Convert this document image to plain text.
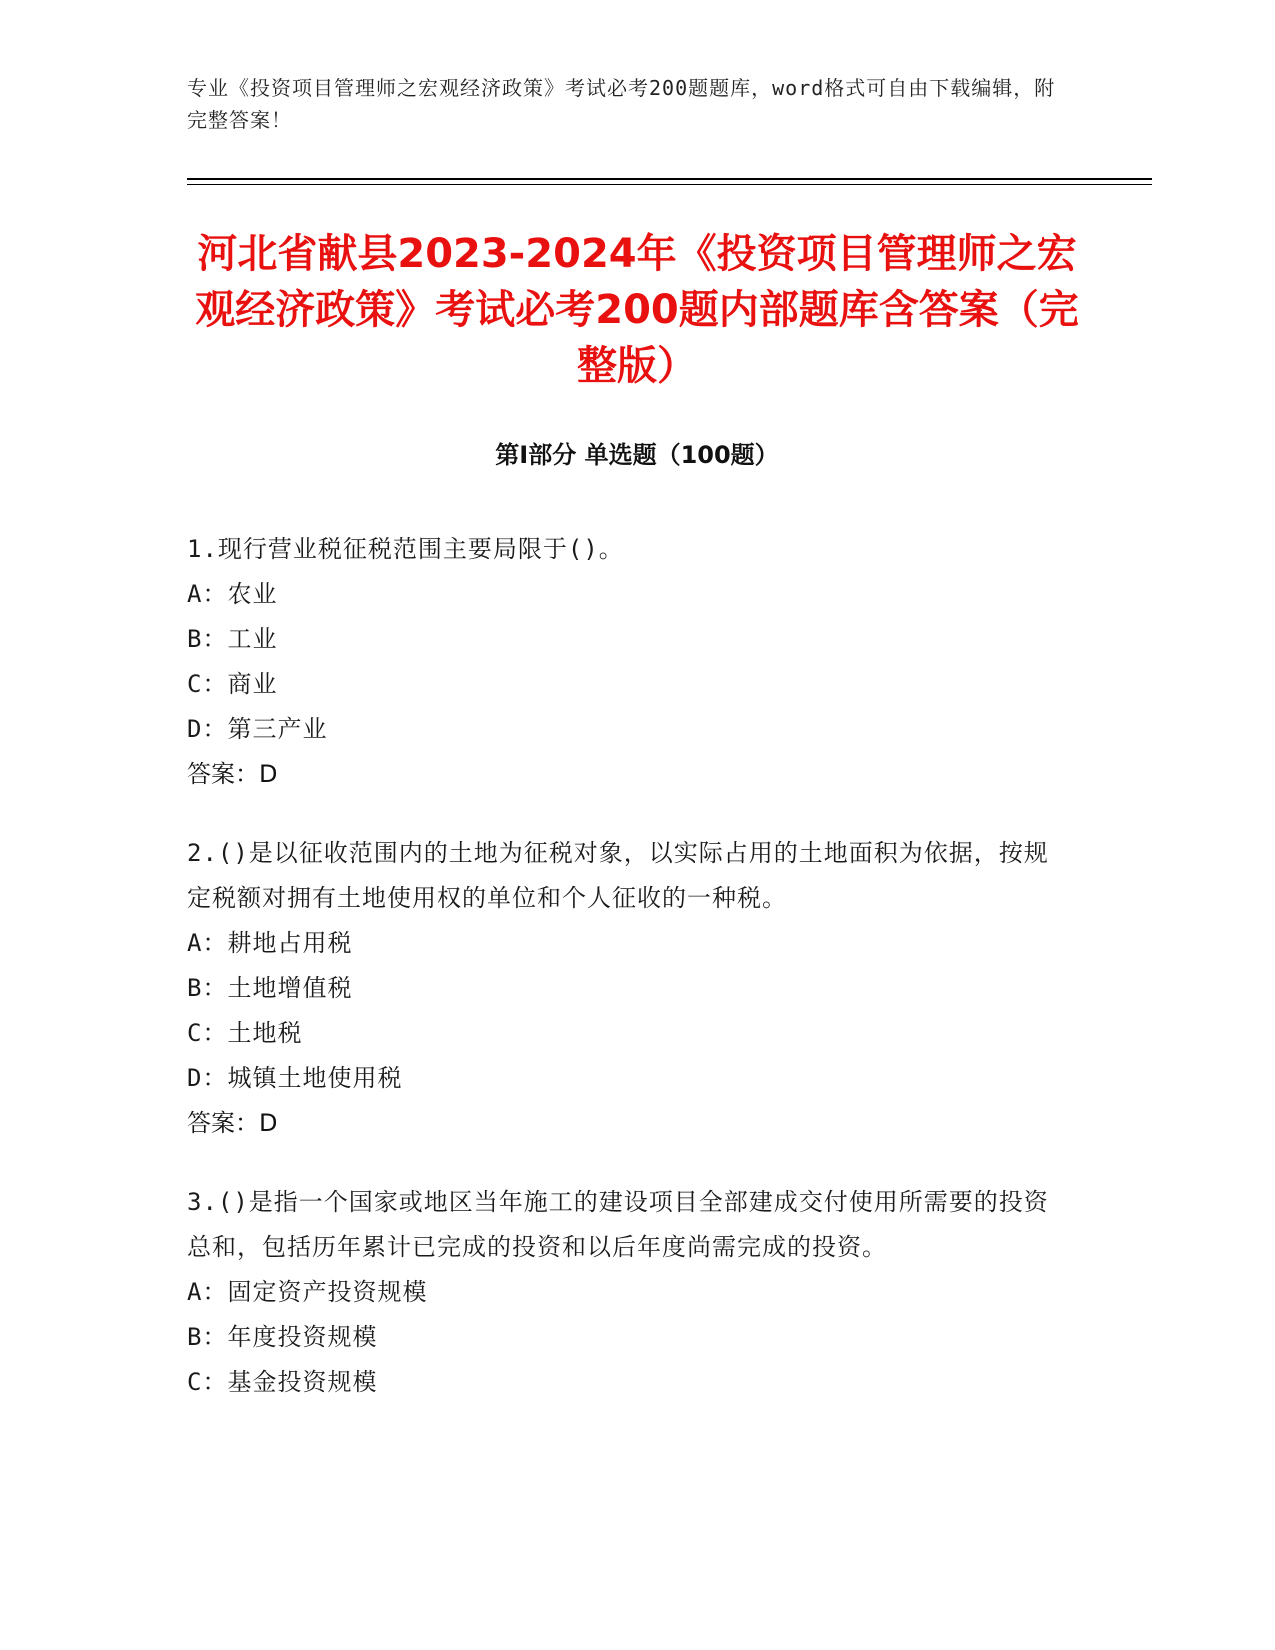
专业《投资项目管理师之宏观经济政策》考试必考200题题库，word格式可自由下载编辑，附完整答案！
河北省献县2023-2024年《投资项目管理师之宏观经济政策》考试必考200题内部题库含答案（完整版）
第Ⅰ部分 单选题（100题）

1.现行营业税征税范围主要局限于()。

A：农业

B：工业

C：商业

D：第三产业

答案：D

2.()是以征收范围内的土地为征税对象，以实际占用的土地面积为依据，按规定税额对拥有土地使用权的单位和个人征收的一种税。

A：耕地占用税

B：土地增值税

C：土地税

D：城镇土地使用税

答案：D

3.()是指一个国家或地区当年施工的建设项目全部建成交付使用所需要的投资总和，包括历年累计已完成的投资和以后年度尚需完成的投资。

A：固定资产投资规模

B：年度投资规模

C：基金投资规模
